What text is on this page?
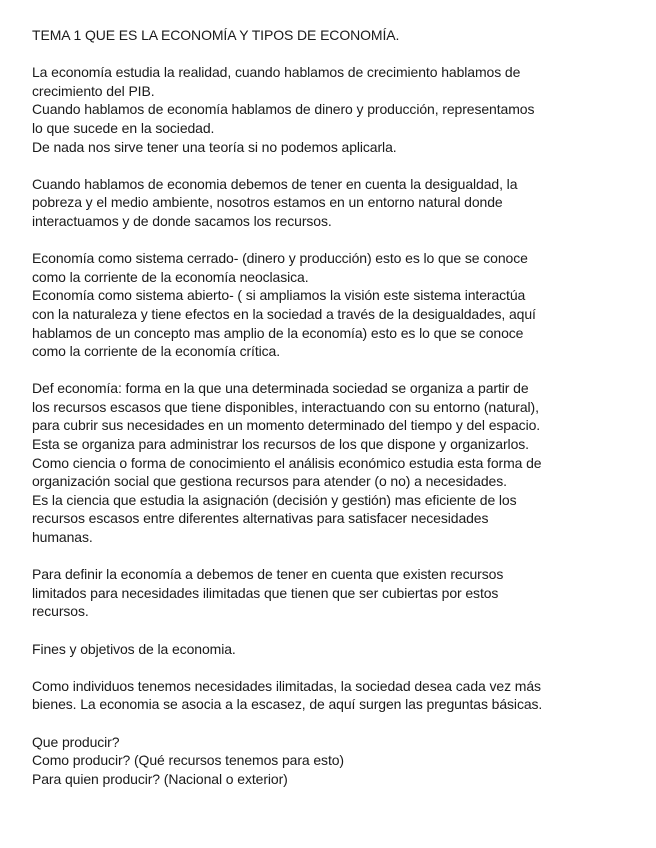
TEMA 1 QUE ES LA ECONOMÍA Y TIPOS DE ECONOMÍA.
La economía estudia la realidad, cuando hablamos de crecimiento hablamos de
crecimiento del PIB.
Cuando hablamos de economía hablamos de dinero y producción, representamos
lo que sucede en la sociedad.
De nada nos sirve tener una teoría si no podemos aplicarla.
Cuando hablamos de economia debemos de tener en cuenta la desigualdad, la
pobreza y el medio ambiente, nosotros estamos en un entorno natural donde
interactuamos y de donde sacamos los recursos.
Economía como sistema cerrado- (dinero y producción) esto es lo que se conoce
como la corriente de la economía neoclasica.
Economía como sistema abierto- ( si ampliamos la visión este sistema interactúa
con la naturaleza y tiene efectos en la sociedad a través de la desigualdades, aquí
hablamos de un concepto mas amplio de la economía) esto es lo que se conoce
como la corriente de la economía crítica.
Def economía: forma en la que una determinada sociedad se organiza a partir de
los recursos escasos que tiene disponibles, interactuando con su entorno (natural),
para cubrir sus necesidades en un momento determinado del tiempo y del espacio.
Esta se organiza para administrar los recursos de los que dispone y organizarlos.
Como ciencia o forma de conocimiento el análisis económico estudia esta forma de
organización social que gestiona recursos para atender (o no) a necesidades.
Es la ciencia que estudia la asignación (decisión y gestión) mas eficiente de los
recursos escasos entre diferentes alternativas para satisfacer necesidades
humanas.
Para definir la economía a debemos de tener en cuenta que existen recursos
limitados para necesidades ilimitadas que tienen que ser cubiertas por estos
recursos.
Fines y objetivos de la economia.
Como individuos tenemos necesidades ilimitadas, la sociedad desea cada vez más
bienes. La economia se asocia a la escasez, de aquí surgen las preguntas básicas.
Que producir?
Como producir? (Qué recursos tenemos para esto)
Para quien producir? (Nacional o exterior)
